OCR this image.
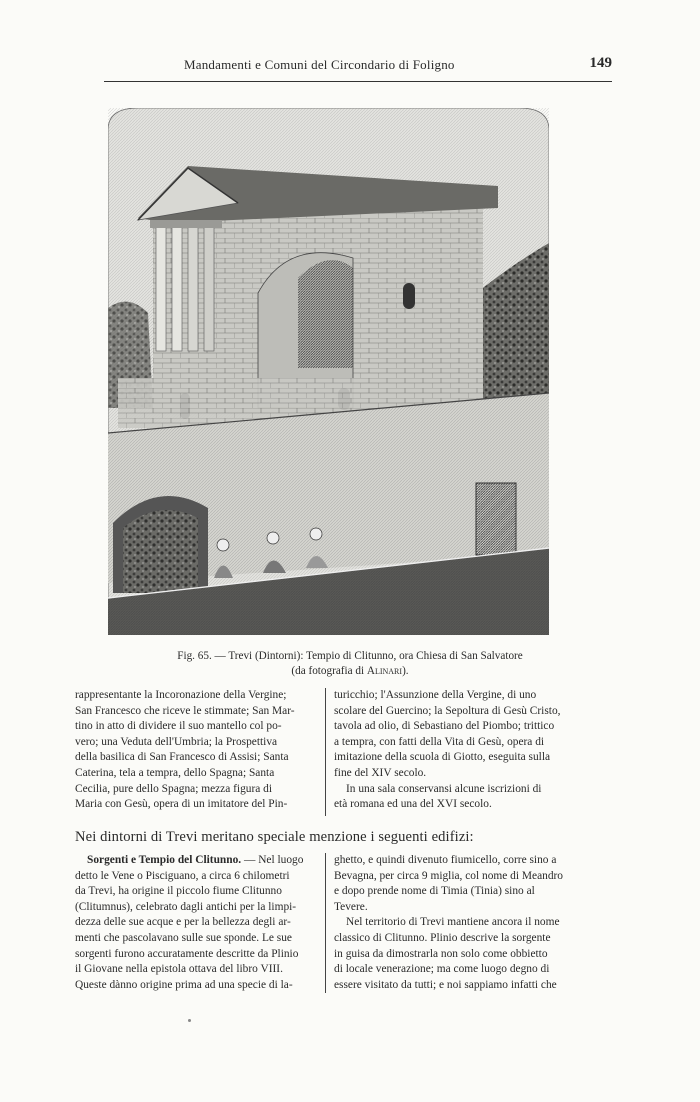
Mandamenti e Comuni del Circondario di Foligno	149
Fig. 65. — Trevi (Dintorni): Tempio di Clitunno, ora Chiesa di San Salvatore
(da fotografia di Alinari).

rappresentante la Incoronazione della Vergine;

San Francesco che riceve le stimmate; San Mar-

tino in atto di dividere il suo mantello col po-

vero; una Veduta dell'Umbria; la Prospettiva

della basilica di San Francesco di Assisi; Santa

Caterina, tela a tempra, dello Spagna; Santa

Cecilia, pure dello Spagna; mezza figura di

Maria con Gesù, opera di un imitatore del Pin-

turicchio; l'Assunzione della Vergine, di uno

scolare del Guercino; la Sepoltura di Gesù Cristo,

tavola ad olio, di Sebastiano del Piombo; trittico

a tempra, con fatti della Vita di Gesù, opera di

imitazione della scuola di Giotto, eseguita sulla

fine del XIV secolo.

In una sala conservansi alcune iscrizioni di

età romana ed una del XVI secolo.

Nei dintorni di Trevi meritano speciale menzione i seguenti edifizi:

Sorgenti e Tempio del Clitunno. — Nel luogo

detto le Vene o Pisciguano, a circa 6 chilometri

da Trevi, ha origine il piccolo fiume Clitunno

(Clitumnus), celebrato dagli antichi per la limpi-

dezza delle sue acque e per la bellezza degli ar-

menti che pascolavano sulle sue sponde. Le sue

sorgenti furono accuratamente descritte da Plinio

il Giovane nella epistola ottava del libro VIII.

Queste dànno origine prima ad una specie di la-

ghetto, e quindi divenuto fiumicello, corre sino a

Bevagna, per circa 9 miglia, col nome di Meandro

e dopo prende nome di Timia (Tinia) sino al

Tevere.

Nel territorio di Trevi mantiene ancora il nome

classico di Clitunno. Plinio descrive la sorgente

in guisa da dimostrarla non solo come obbietto

di locale venerazione; ma come luogo degno di

essere visitato da tutti; e noi sappiamo infatti che
